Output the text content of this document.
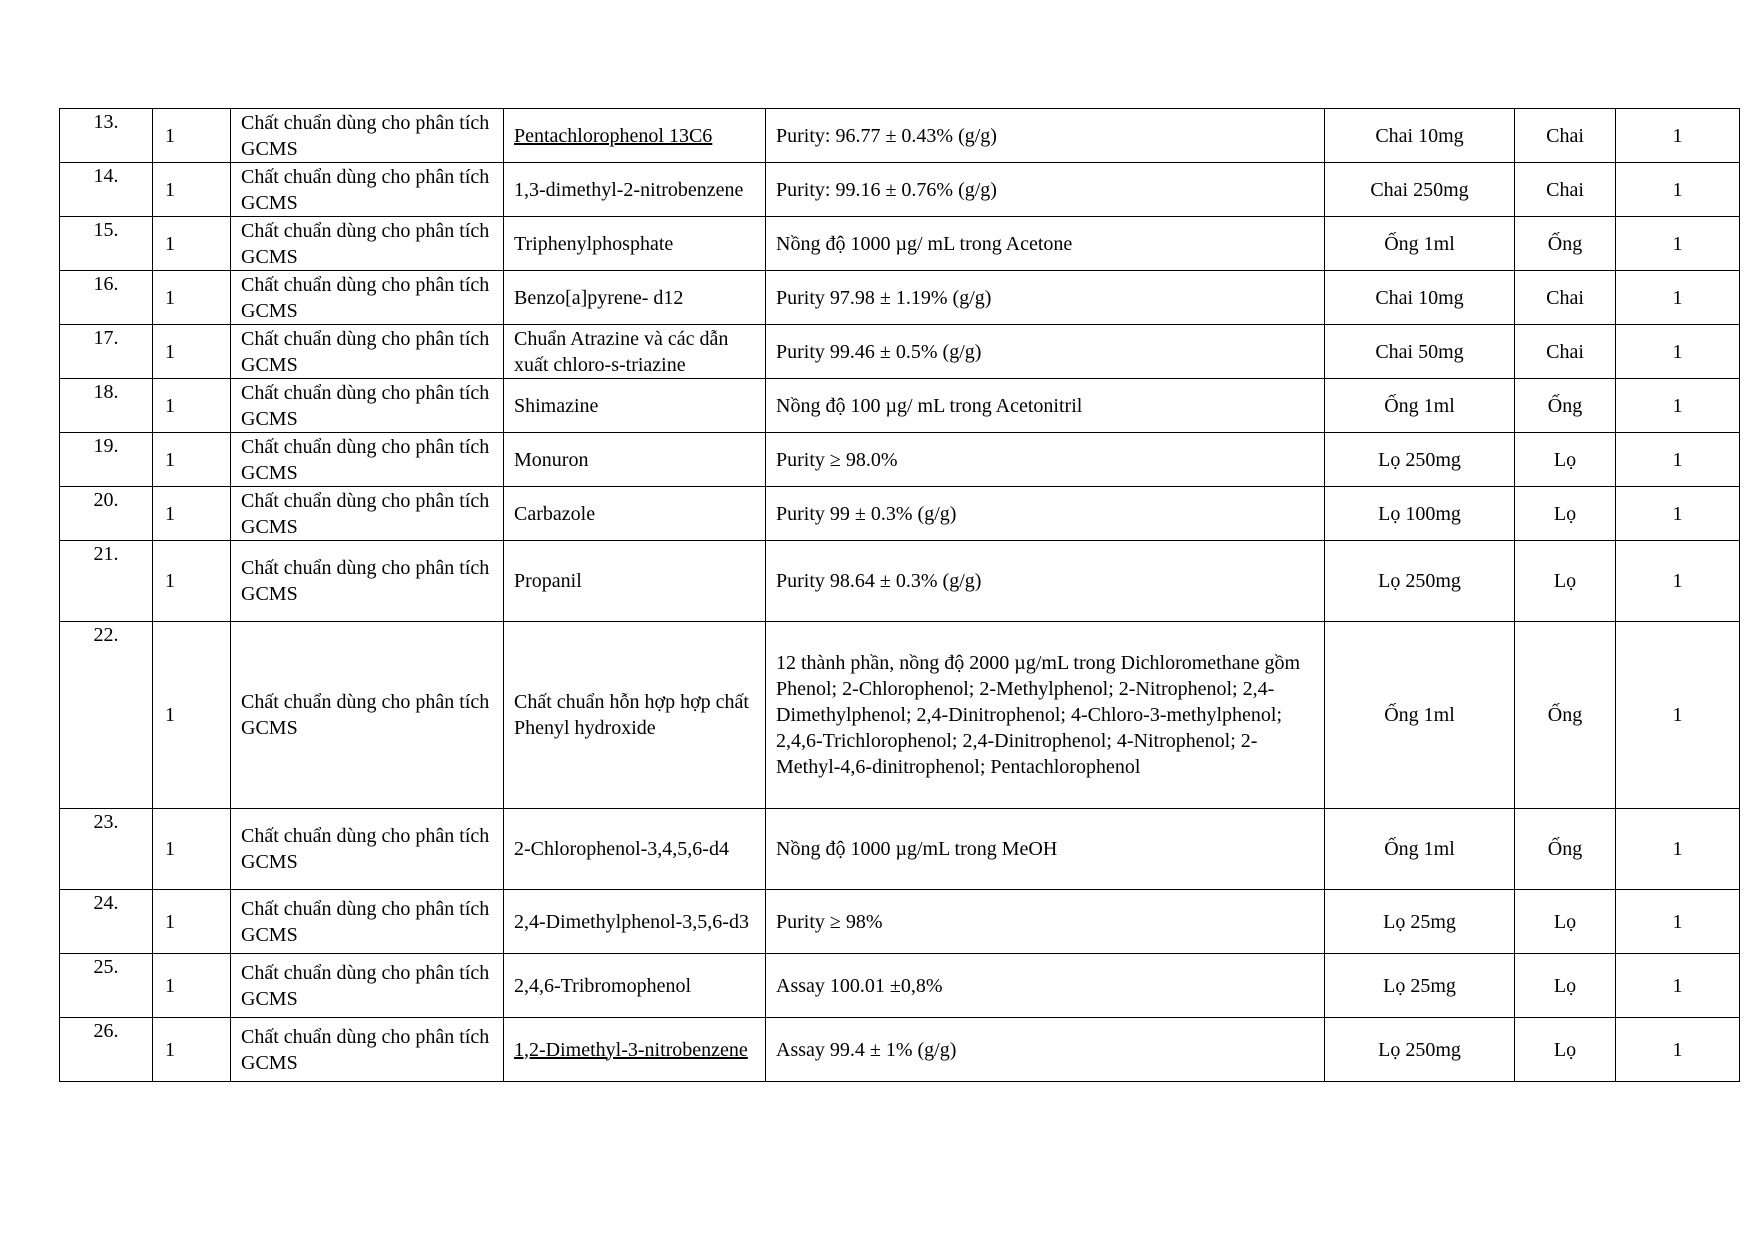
13.	1	Chất chuẩn dùng cho phân tích GCMS	Pentachlorophenol 13C6	Purity: 96.77 ± 0.43% (g/g)	Chai 10mg	Chai	1
14.	1	Chất chuẩn dùng cho phân tích GCMS	1,3-dimethyl-2-nitrobenzene	Purity: 99.16 ± 0.76% (g/g)	Chai 250mg	Chai	1
15.	1	Chất chuẩn dùng cho phân tích GCMS	Triphenylphosphate	Nồng độ 1000 µg/ mL trong Acetone	Ống 1ml	Ống	1
16.	1	Chất chuẩn dùng cho phân tích GCMS	Benzo[a]pyrene- d12	Purity 97.98 ± 1.19% (g/g)	Chai 10mg	Chai	1
17.	1	Chất chuẩn dùng cho phân tích GCMS	Chuẩn Atrazine và các dẫn xuất chloro-s-triazine	Purity 99.46 ± 0.5% (g/g)	Chai 50mg	Chai	1
18.	1	Chất chuẩn dùng cho phân tích GCMS	Shimazine	Nồng độ 100 µg/ mL trong Acetonitril	Ống 1ml	Ống	1
19.	1	Chất chuẩn dùng cho phân tích GCMS	Monuron	Purity ≥ 98.0%	Lọ 250mg	Lọ	1
20.	1	Chất chuẩn dùng cho phân tích GCMS	Carbazole	Purity 99 ± 0.3% (g/g)	Lọ 100mg	Lọ	1
21.	1	Chất chuẩn dùng cho phân tích GCMS	Propanil	Purity 98.64 ± 0.3% (g/g)	Lọ 250mg	Lọ	1
22.	1	Chất chuẩn dùng cho phân tích GCMS	Chất chuẩn hỗn hợp hợp chất Phenyl hydroxide	12 thành phần, nồng độ 2000 µg/mL trong Dichloromethane gồm
Phenol; 2-Chlorophenol; 2-Methylphenol; 2-Nitrophenol; 2,4-Dimethylphenol; 2,4-Dinitrophenol; 4-Chloro-3-methylphenol; 2,4,6-Trichlorophenol; 2,4-Dinitrophenol; 4-Nitrophenol; 2-Methyl-4,6-dinitrophenol; Pentachlorophenol	Ống 1ml	Ống	1
23.	1	Chất chuẩn dùng cho phân tích GCMS	2-Chlorophenol-3,4,5,6-d4	Nồng độ 1000 µg/mL trong MeOH	Ống 1ml	Ống	1
24.	1	Chất chuẩn dùng cho phân tích GCMS	2,4-Dimethylphenol-3,5,6-d3	Purity ≥ 98%	Lọ 25mg	Lọ	1
25.	1	Chất chuẩn dùng cho phân tích GCMS	2,4,6-Tribromophenol	Assay 100.01 ±0,8%	Lọ 25mg	Lọ	1
26.	1	Chất chuẩn dùng cho phân tích GCMS	1,2-Dimethyl-3-nitrobenzene	Assay 99.4 ± 1% (g/g)	Lọ 250mg	Lọ	1
